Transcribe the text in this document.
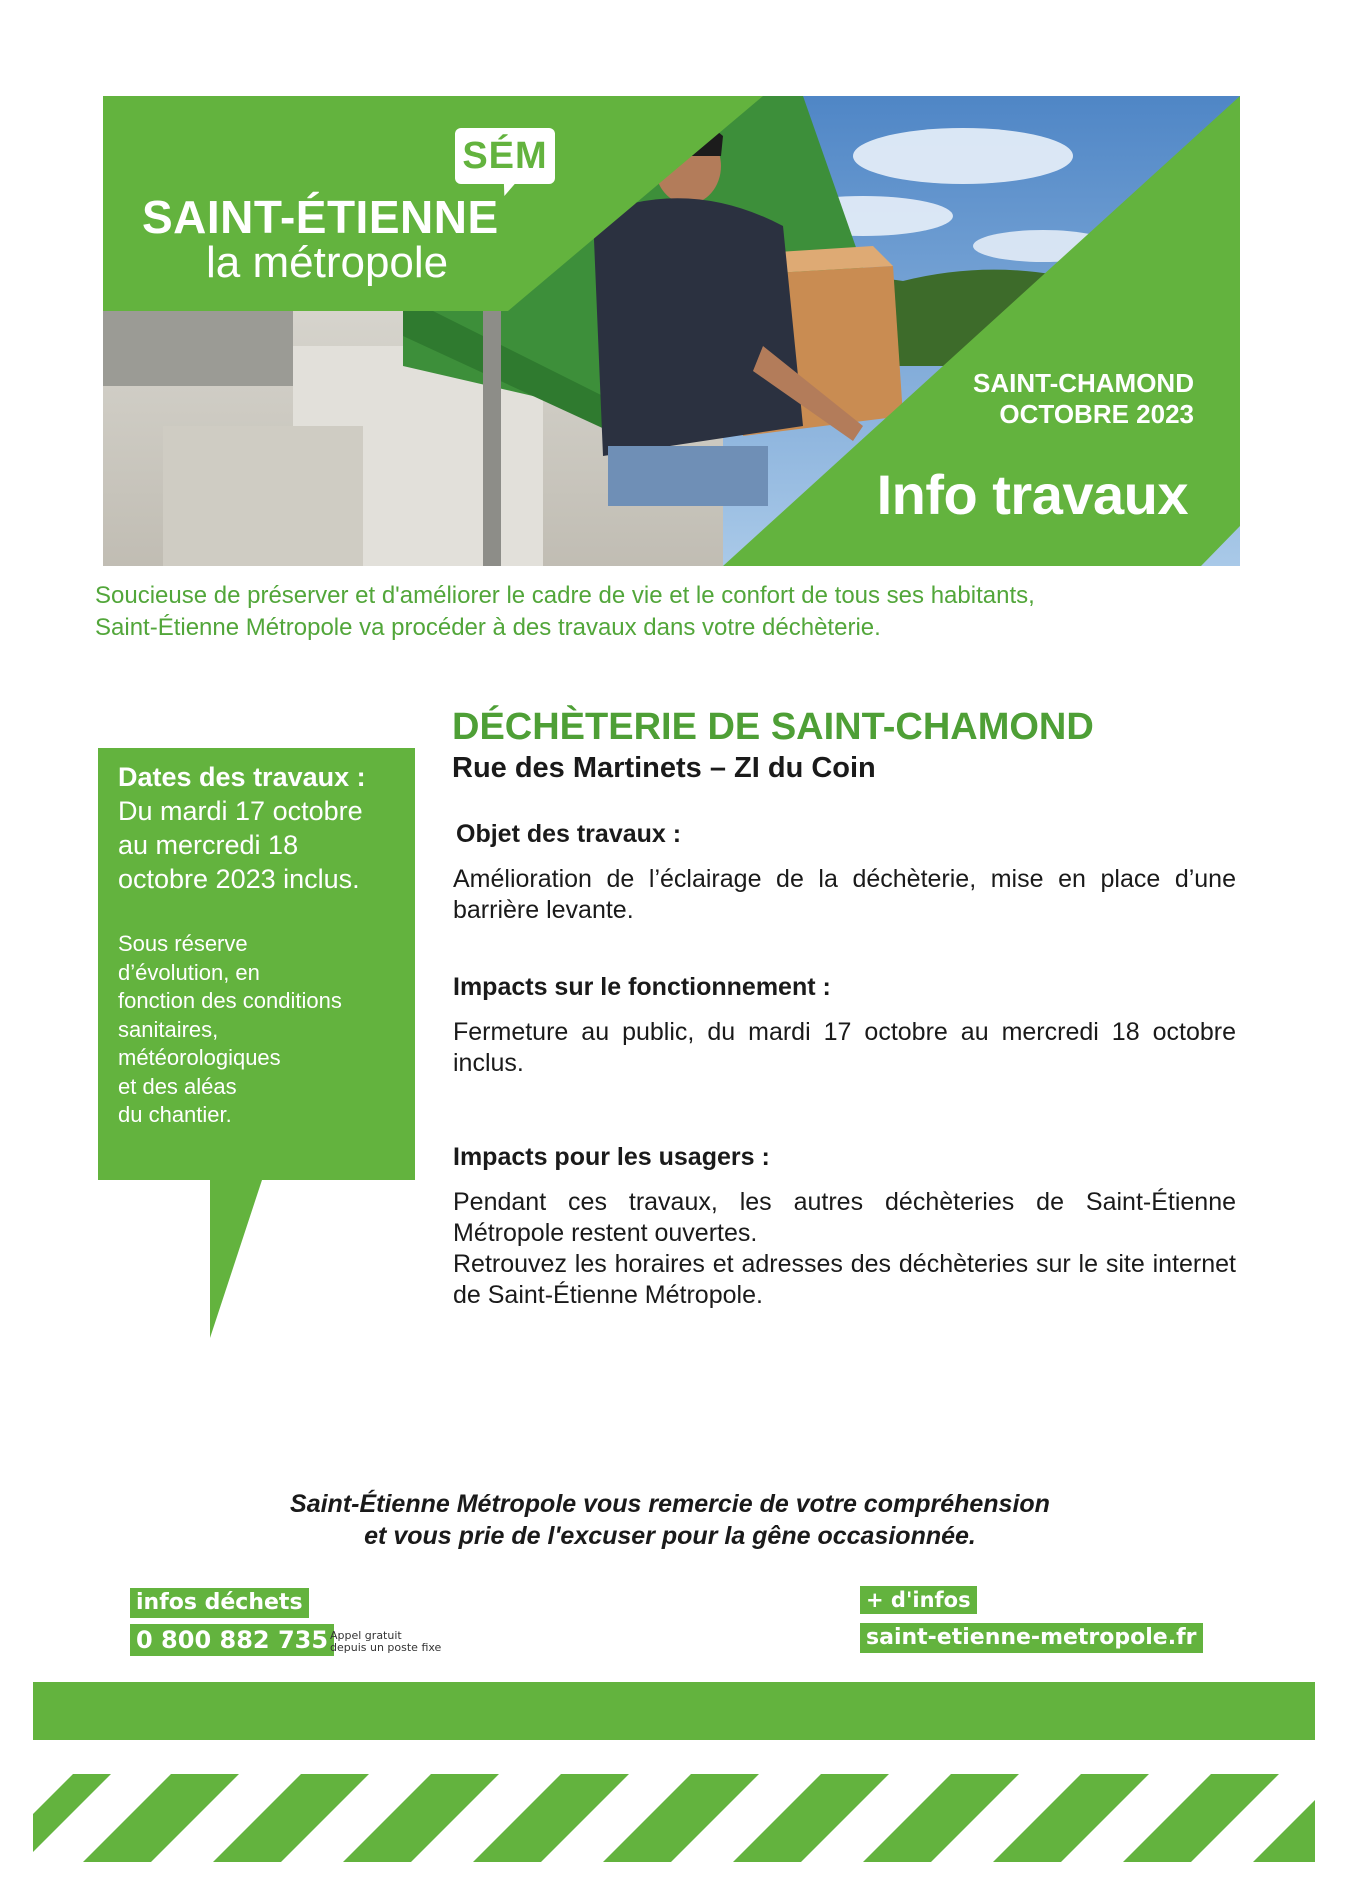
SÉM
SAINT-ÉTIENNE
la métropole
SAINT-CHAMOND
OCTOBRE 2023
Info travaux
Soucieuse de préserver et d'améliorer le cadre de vie et le confort de tous ses habitants,
Saint-Étienne Métropole va procéder à des travaux dans votre déchèterie.
Dates des travaux :
Du mardi 17 octobre
au mercredi 18
octobre 2023 inclus.
Sous réserve
d’évolution, en
fonction des conditions
sanitaires,
météorologiques
et des aléas
du chantier.
DÉCHÈTERIE DE SAINT-CHAMOND
Rue des Martinets – ZI du Coin
Objet des travaux :
Amélioration de l’éclairage de la déchèterie, mise en place d’une barrière levante.
Impacts sur le fonctionnement :
Fermeture au public, du mardi 17 octobre au mercredi 18 octobre inclus.
Impacts pour les usagers :
Pendant ces travaux, les autres déchèteries de Saint-Étienne Métropole restent ouvertes.
Retrouvez les horaires et adresses des déchèteries sur le site internet de Saint-Étienne Métropole.
Saint-Étienne Métropole vous remercie de votre compréhension
et vous prie de l'excuser pour la gêne occasionnée.
infos déchets
0 800 882 735 Appel gratuit
depuis un poste fixe
+ d'infos
saint-etienne-metropole.fr
